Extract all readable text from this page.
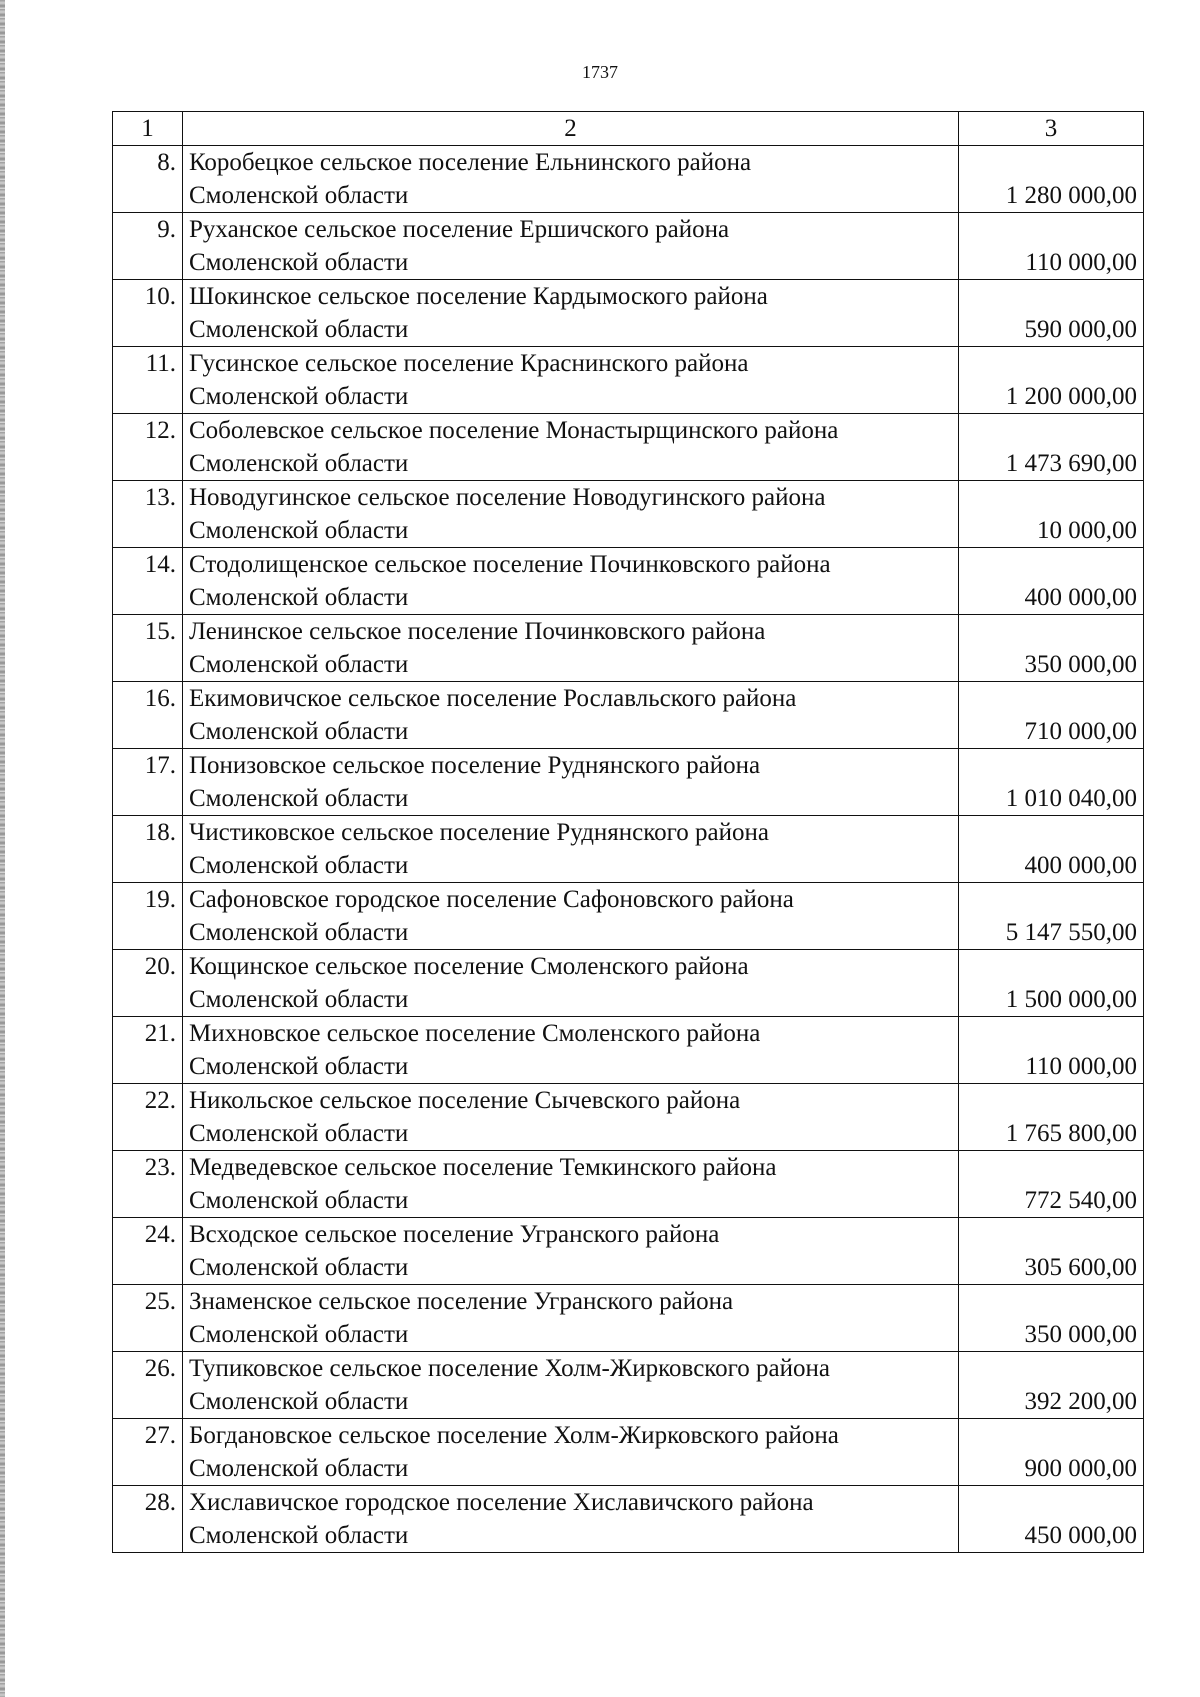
1737
1	2	3
8.	Коробецкое сельское поселение Ельнинского района
Смоленской области	1 280 000,00
9.	Руханское сельское поселение Ершичского района
Смоленской области	110 000,00
10.	Шокинское сельское поселение Кардымоского района
Смоленской области	590 000,00
11.	Гусинское сельское поселение Краснинского района
Смоленской области	1 200 000,00
12.	Соболевское сельское поселение Монастырщинского района
Смоленской области	1 473 690,00
13.	Новодугинское сельское поселение Новодугинского района
Смоленской области	10 000,00
14.	Стодолищенское сельское поселение Починковского района
Смоленской области	400 000,00
15.	Ленинское сельское поселение Починковского района
Смоленской области	350 000,00
16.	Екимовичское сельское поселение Рославльского района
Смоленской области	710 000,00
17.	Понизовское сельское поселение Руднянского района
Смоленской области	1 010 040,00
18.	Чистиковское сельское поселение Руднянского района
Смоленской области	400 000,00
19.	Сафоновское городское поселение Сафоновского района
Смоленской области	5 147 550,00
20.	Кощинское сельское поселение Смоленского района
Смоленской области	1 500 000,00
21.	Михновское сельское поселение Смоленского района
Смоленской области	110 000,00
22.	Никольское сельское поселение Сычевского района
Смоленской области	1 765 800,00
23.	Медведевское сельское поселение Темкинского района
Смоленской области	772 540,00
24.	Всходское сельское поселение Угранского района
Смоленской области	305 600,00
25.	Знаменское сельское поселение Угранского района
Смоленской области	350 000,00
26.	Тупиковское сельское поселение Холм-Жирковского района
Смоленской области	392 200,00
27.	Богдановское сельское поселение Холм-Жирковского района
Смоленской области	900 000,00
28.	Хиславичское городское поселение Хиславичского района
Смоленской области	450 000,00
